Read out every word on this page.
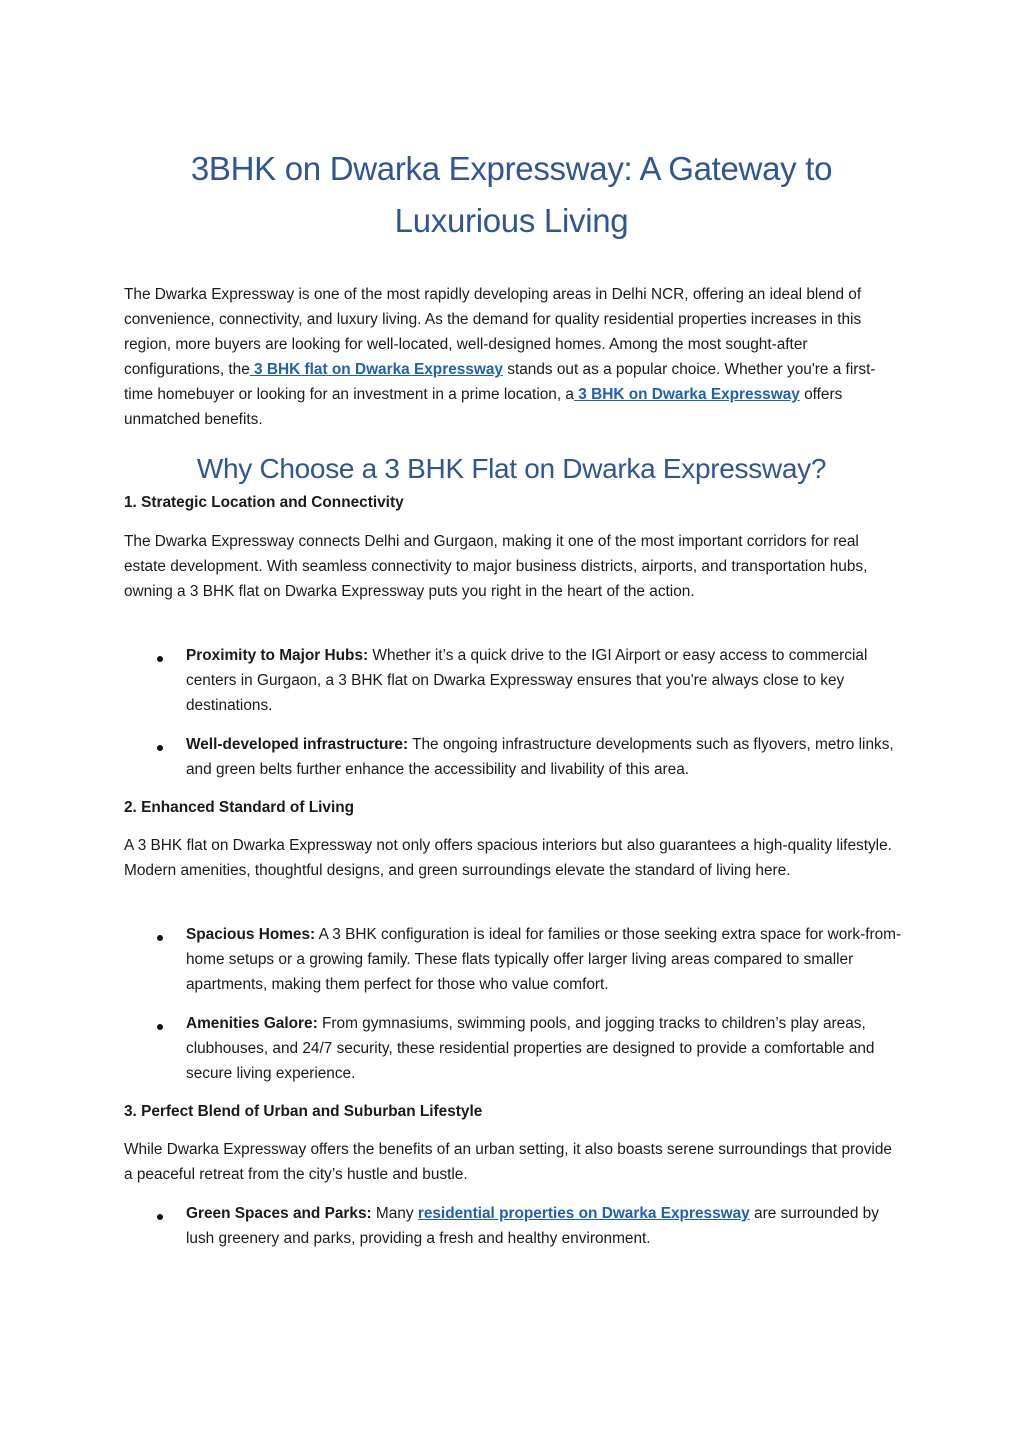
3BHK on Dwarka Expressway: A Gateway to
Luxurious Living

The Dwarka Expressway is one of the most rapidly developing areas in Delhi NCR, offering an ideal blend of convenience, connectivity, and luxury living. As the demand for quality residential properties increases in this region, more buyers are looking for well-located, well-designed homes. Among the most sought-after configurations, the 3 BHK flat on Dwarka Expressway stands out as a popular choice. Whether you're a first-time homebuyer or looking for an investment in a prime location, a 3 BHK on Dwarka Expressway offers unmatched benefits.

Why Choose a 3 BHK Flat on Dwarka Expressway?

1. Strategic Location and Connectivity

The Dwarka Expressway connects Delhi and Gurgaon, making it one of the most important corridors for real estate development. With seamless connectivity to major business districts, airports, and transportation hubs, owning a 3 BHK flat on Dwarka Expressway puts you right in the heart of the action.

Proximity to Major Hubs: Whether it’s a quick drive to the IGI Airport or easy access to commercial centers in Gurgaon, a 3 BHK flat on Dwarka Expressway ensures that you're always close to key destinations.

Well-developed infrastructure: The ongoing infrastructure developments such as flyovers, metro links, and green belts further enhance the accessibility and livability of this area.

2. Enhanced Standard of Living

A 3 BHK flat on Dwarka Expressway not only offers spacious interiors but also guarantees a high-quality lifestyle. Modern amenities, thoughtful designs, and green surroundings elevate the standard of living here.

Spacious Homes: A 3 BHK configuration is ideal for families or those seeking extra space for work-from-home setups or a growing family. These flats typically offer larger living areas compared to smaller apartments, making them perfect for those who value comfort.

Amenities Galore: From gymnasiums, swimming pools, and jogging tracks to children’s play areas, clubhouses, and 24/7 security, these residential properties are designed to provide a comfortable and secure living experience.

3. Perfect Blend of Urban and Suburban Lifestyle

While Dwarka Expressway offers the benefits of an urban setting, it also boasts serene surroundings that provide a peaceful retreat from the city’s hustle and bustle.

Green Spaces and Parks: Many residential properties on Dwarka Expressway are surrounded by lush greenery and parks, providing a fresh and healthy environment.
